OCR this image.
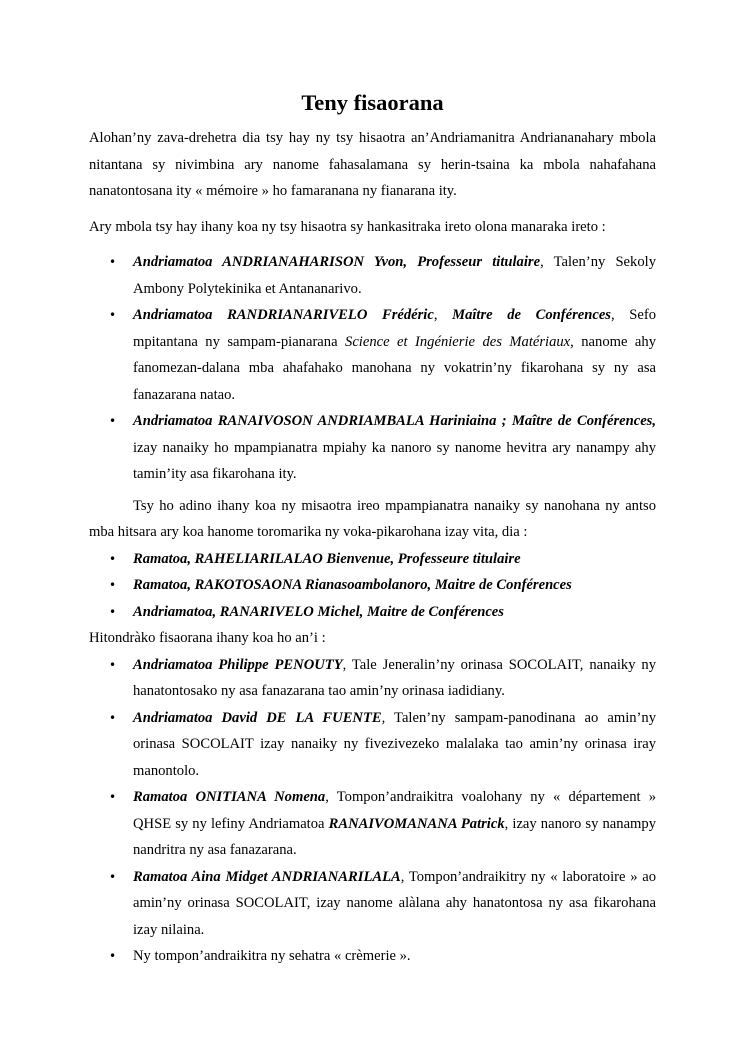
Teny fisaorana

Alohan’ny zava-drehetra dia tsy hay ny tsy hisaotra an’Andriamanitra Andriananahary mbola nitantana sy nivimbina ary nanome fahasalamana sy herin-tsaina ka mbola nahafahana nanatontosana ity « mémoire » ho famaranana ny fianarana ity.

Ary mbola tsy hay ihany koa ny tsy hisaotra sy hankasitraka ireto olona manaraka ireto :

• Andriamatoa ANDRIANAHARISON Yvon, Professeur titulaire, Talen’ny Sekoly Ambony Polytekinika et Antananarivo.
• Andriamatoa RANDRIANARIVELO Frédéric, Maître de Conférences, Sefo mpitantana ny sampam-pianarana Science et Ingénierie des Matériaux, nanome ahy fanomezan-dalana mba ahafahako manohana ny vokatrin’ny fikarohana sy ny asa fanazarana natao.
• Andriamatoa RANAIVOSON ANDRIAMBALA Hariniaina ; Maître de Conférences, izay nanaiky ho mpampianatra mpiahy ka nanoro sy nanome hevitra ary nanampy ahy tamin’ity asa fikarohana ity.

Tsy ho adino ihany koa ny misaotra ireo mpampianatra nanaiky sy nanohana ny antso mba hitsara ary koa hanome toromarika ny voka-pikarohana izay vita, dia :

• Ramatoa, RAHELIARILALAO Bienvenue, Professeure titulaire
• Ramatoa, RAKOTOSAONA Rianasoambolanoro, Maitre de Conférences
• Andriamatoa, RANARIVELO Michel, Maitre de Conférences

Hitondràko fisaorana ihany koa ho an’i :

• Andriamatoa Philippe PENOUTY, Tale Jeneralin’ny orinasa SOCOLAIT, nanaiky ny hanatontosako ny asa fanazarana tao amin’ny orinasa iadidiany.
• Andriamatoa David DE LA FUENTE, Talen’ny sampam-panodinana ao amin’ny orinasa SOCOLAIT izay nanaiky ny fivezivezeko malalaka tao amin’ny orinasa iray manontolo.
• Ramatoa ONITIANA Nomena, Tompon’andraikitra voalohany ny « département » QHSE sy ny lefiny Andriamatoa RANAIVOMANANA Patrick, izay nanoro sy nanampy nandritra ny asa fanazarana.
• Ramatoa Aina Midget ANDRIANARILALA, Tompon’andraikitry ny « laboratoire » ao amin’ny orinasa SOCOLAIT, izay nanome alàlana ahy hanatontosa ny asa fikarohana izay nilaina.
• Ny tompon’andraikitra ny sehatra « crèmerie ».
